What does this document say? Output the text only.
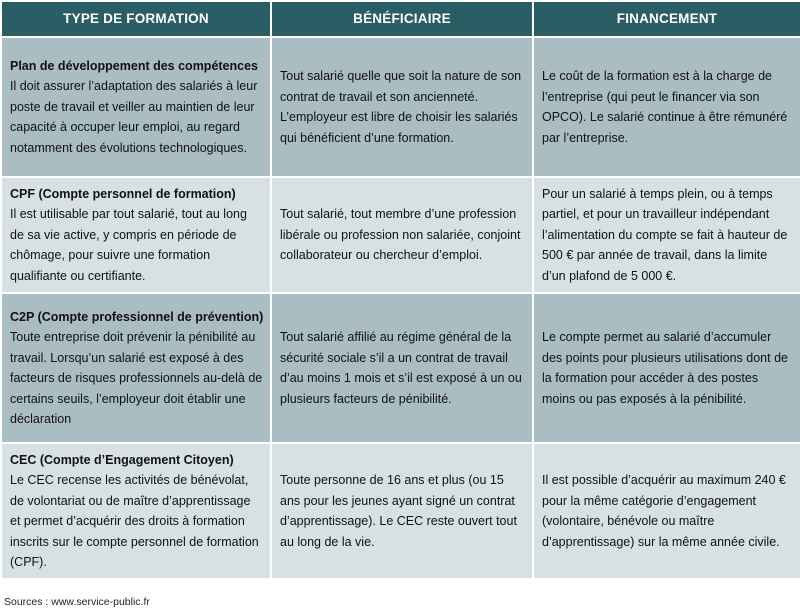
TYPE DE FORMATION	BÉNÉFICIAIRE	FINANCEMENT

Plan de développement des compétences
Il doit assurer l’adaptation des salariés à leur poste de travail et veiller au maintien de leur capacité à occuper leur emploi, au regard notamment des évolutions technologiques.	Tout salarié quelle que soit la nature de son contrat de travail et son ancienneté. L’employeur est libre de choisir les salariés qui bénéficient d’une formation.	Le coût de la formation est à la charge de l’entreprise (qui peut le financer via son OPCO). Le salarié continue à être rémunéré par l’entreprise.

CPF (Compte personnel de formation)
Il est utilisable par tout salarié, tout au long de sa vie active, y compris en période de chômage, pour suivre une formation qualifiante ou certifiante.	Tout salarié, tout membre d’une profession libérale ou profession non salariée, conjoint collaborateur ou chercheur d’emploi.	Pour un salarié à temps plein, ou à temps partiel, et pour un travailleur indépendant l’alimentation du compte se fait à hauteur de 500 € par année de travail, dans la limite d’un plafond de 5 000 €.

C2P (Compte professionnel de prévention)
Toute entreprise doit prévenir la pénibilité au travail. Lorsqu’un salarié est exposé à des facteurs de risques professionnels au-delà de certains seuils, l’employeur doit établir une déclaration	Tout salarié affilié au régime général de la sécurité sociale s’il a un contrat de travail d’au moins 1 mois et s’il est exposé à un ou plusieurs facteurs de pénibilité.	Le compte permet au salarié d’accumuler des points pour plusieurs utilisations dont de la formation pour accéder à des postes moins ou pas exposés à la pénibilité.

CEC (Compte d’Engagement Citoyen)
Le CEC recense les activités de bénévolat, de volontariat ou de maître d’apprentissage et permet d’acquérir des droits à formation inscrits sur le compte personnel de formation (CPF).	Toute personne de 16 ans et plus (ou 15 ans pour les jeunes ayant signé un contrat d’apprentissage). Le CEC reste ouvert tout au long de la vie.	Il est possible d’acquérir au maximum 240 € pour la même catégorie d’engagement (volontaire, bénévole ou maître d’apprentissage) sur la même année civile.
Sources : www.service-public.fr
